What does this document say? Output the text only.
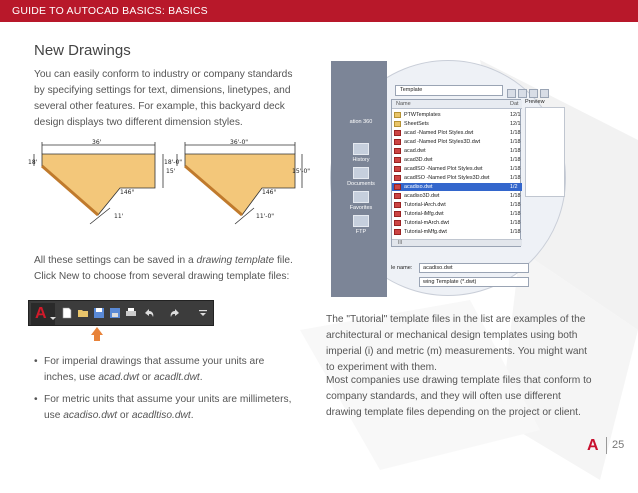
GUIDE TO AUTOCAD BASICS: BASICS
New Drawings

You can easily conform to industry or company standards by specifying settings for text, dimensions, linetypes, and several other features. For example, this backyard deck design displays two different dimension styles.

36'
18'
15'
146°
11'
36'-0"
18'-0"
15'-0"
146°
11'-0"

All these settings can be saved in a drawing template file. Click New to choose from several drawing template files:

A
• For imperial drawings that assume your units are inches, use acad.dwt or acadlt.dwt.
• For metric units that assume your units are millimeters, use acadiso.dwt or acadltiso.dwt.
ation 360
History
Documents
Favorites
FTP
Template
Name	Dat
PTWTemplates	12/1
SheetSets	12/1
acad -Named Plot Styles.dwt	1/18
acad -Named Plot Styles3D.dwt	1/18
acad.dwt	1/18
acad3D.dwt	1/18
acadISO -Named Plot Styles.dwt	1/18
acadISO -Named Plot Styles3D.dwt	1/18
acadiso.dwt	1/2
acadiso3D.dwt	1/18
Tutorial-iArch.dwt	1/18
Tutorial-iMfg.dwt	1/18
Tutorial-mArch.dwt	1/18
Tutorial-mMfg.dwt	1/18
III
Preview
le name:	acadiso.dwt
wing Template (*.dwt)

The "Tutorial" template files in the list are examples of the architectural or mechanical design templates using both imperial (i) and metric (m) measurements. You might want to experiment with them.

Most companies use drawing template files that conform to company standards, and they will often use different drawing template files depending on the project or client.

A 25
